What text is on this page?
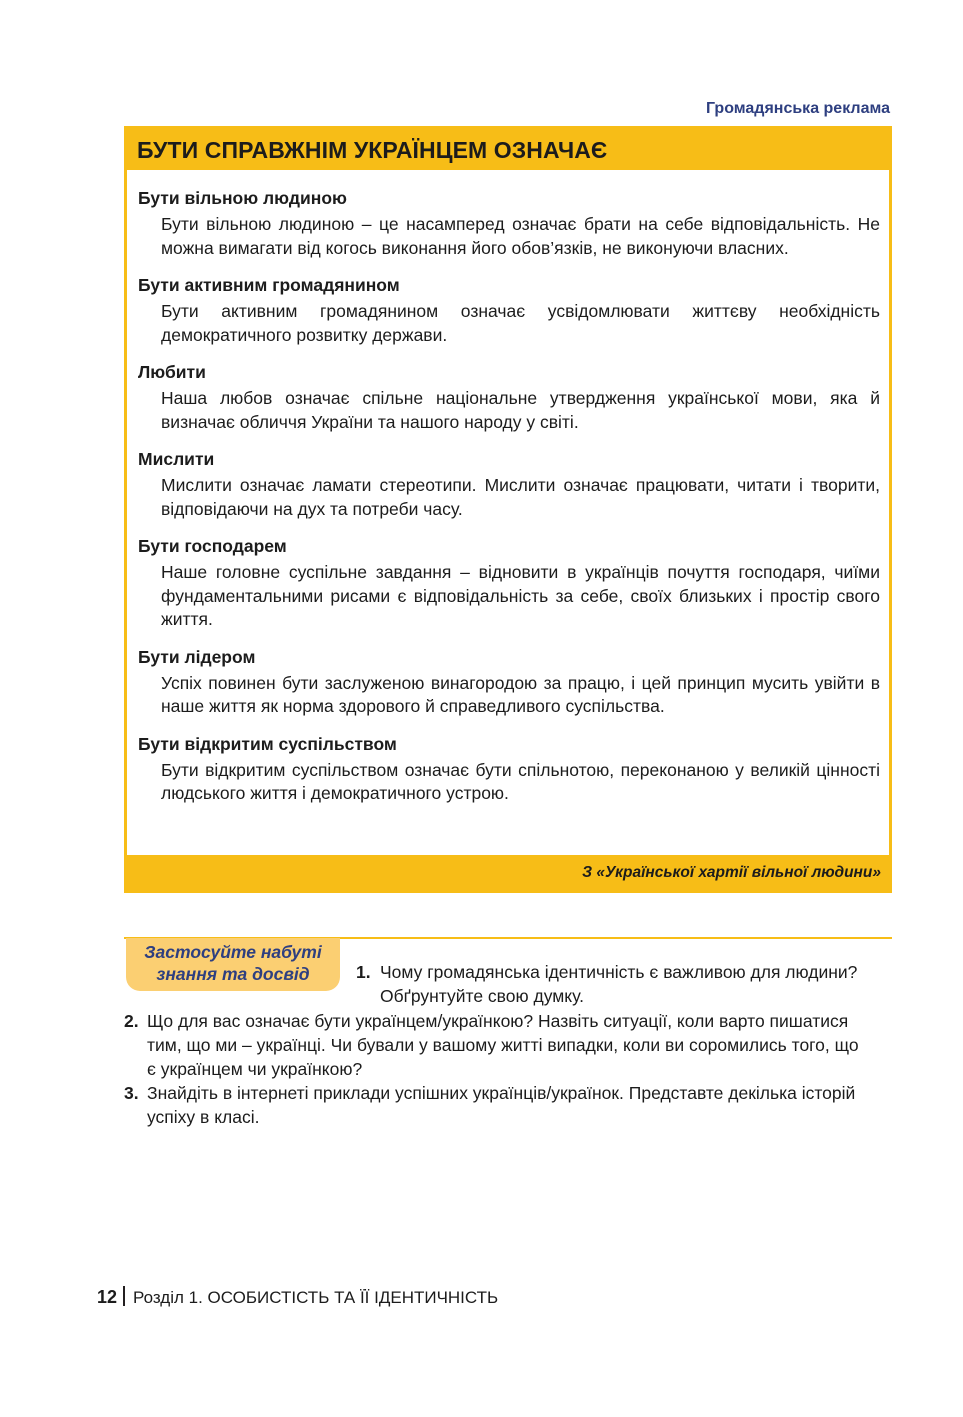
Громадянська реклама
БУТИ СПРАВЖНІМ УКРАЇНЦЕМ ОЗНАЧАЄ
Бути вільною людиною
Бути вільною людиною – це насамперед означає брати на себе відповідальність. Не можна вимагати від когось виконання його обов’язків, не виконуючи власних.
Бути активним громадянином
Бути активним громадянином означає усвідомлювати життєву необхідність демократичного розвитку держави.
Любити
Наша любов означає спільне національне утвердження української мови, яка й визначає обличчя України та нашого народу у світі.
Мислити
Мислити означає ламати стереотипи. Мислити означає працювати, читати і творити, відповідаючи на дух та потреби часу.
Бути господарем
Наше головне суспільне завдання – відновити в українців почуття господаря, чиїми фундаментальними рисами є відповідальність за себе, своїх близьких і простір свого життя.
Бути лідером
Успіх повинен бути заслуженою винагородою за працю, і цей принцип мусить увійти в наше життя як норма здорового й справедливого суспільства.
Бути відкритим суспільством
Бути відкритим суспільством означає бути спільнотою, переконаною у великій цінності людського життя і демократичного устрою.
З «Української хартії вільної людини»
Застосуйте набуті
знання та досвід	1. Чому громадянська ідентичність є важливою для людини?
Обґрунтуйте свою думку.
2. Що для вас означає бути українцем/українкою? Назвіть ситуації, коли варто пишатися
тим, що ми – українці. Чи бували у вашому житті випадки, коли ви соромились того, що
є українцем чи українкою?
3. Знайдіть в інтернеті приклади успішних українців/українок. Представте декілька історій
успіху в класі.
12 Розділ 1. ОСОБИСТІСТЬ ТА ЇЇ ІДЕНТИЧНІСТЬ
